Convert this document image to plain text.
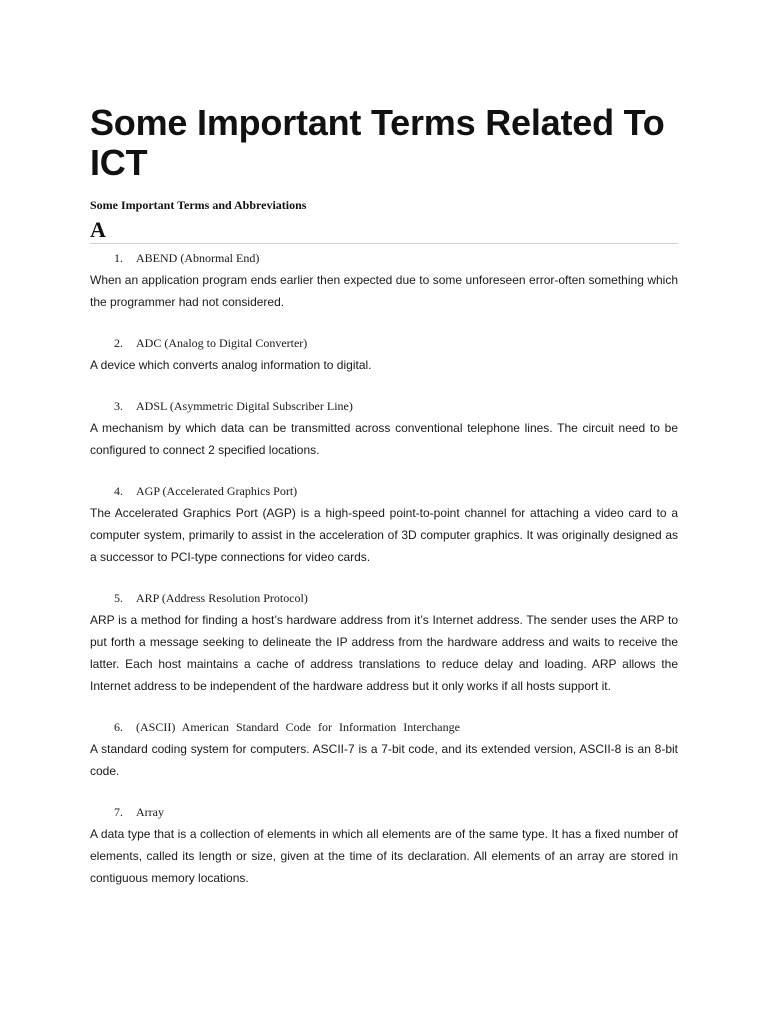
Some Important Terms Related To ICT
Some Important Terms and Abbreviations
A
1.	ABEND (Abnormal End)

When an application program ends earlier then expected due to some unforeseen error-often something which the programmer had not considered.

2.	ADC (Analog to Digital Converter)

A device which converts analog information to digital.

3.	ADSL (Asymmetric Digital Subscriber Line)

A mechanism by which data can be transmitted across conventional telephone lines. The circuit need to be configured to connect 2 specified locations.

4.	AGP (Accelerated Graphics Port)

The Accelerated Graphics Port (AGP) is a high-speed point-to-point channel for attaching a video card to a computer system, primarily to assist in the acceleration of 3D computer graphics. It was originally designed as a successor to PCI-type connections for video cards.

5.	ARP (Address Resolution Protocol)

ARP is a method for finding a host’s hardware address from it’s Internet address. The sender uses the ARP to put forth a message seeking to delineate the IP address from the hardware address and waits to receive the latter. Each host maintains a cache of address translations to reduce delay and loading. ARP allows the Internet address to be independent of the hardware address but it only works if all hosts support it.

6.	(ASCII) American Standard Code for Information Interchange

A standard coding system for computers. ASCII-7 is a 7-bit code, and its extended version, ASCII-8 is an 8-bit code.

7.	Array

A data type that is a collection of elements in which all elements are of the same type. It has a fixed number of elements, called its length or size, given at the time of its declaration. All elements of an array are stored in contiguous memory locations.
